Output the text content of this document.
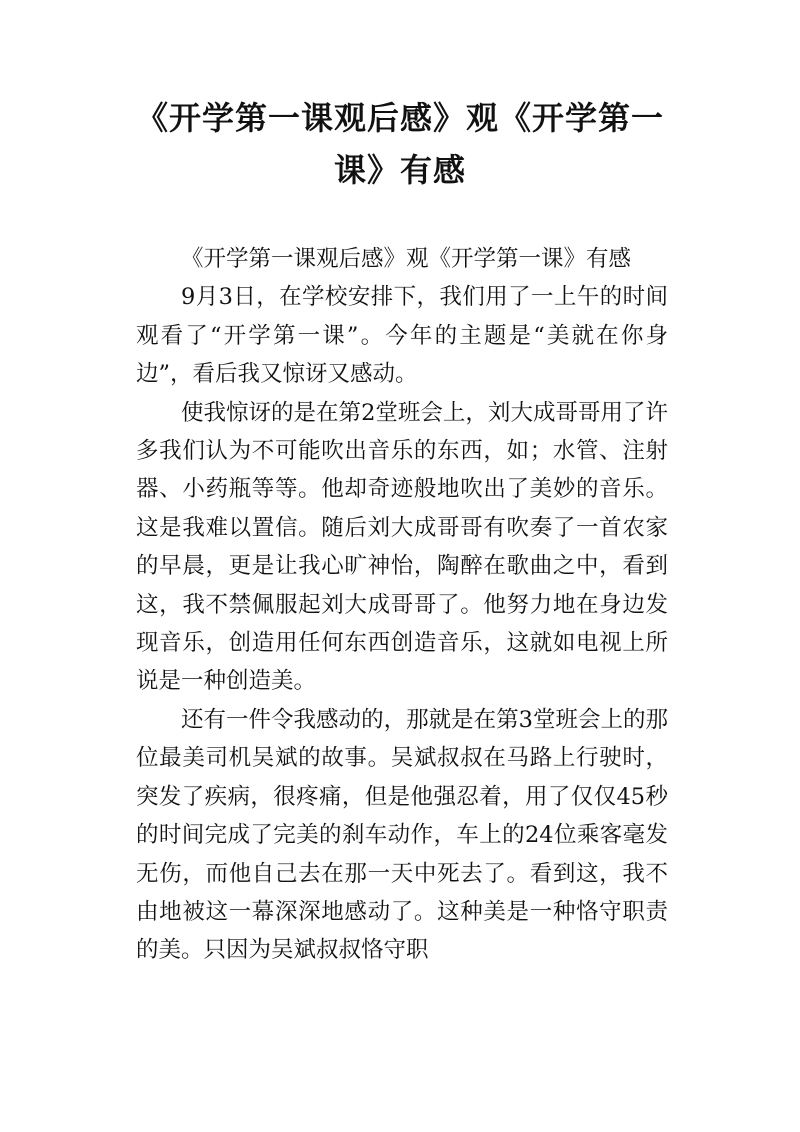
《开学第一课观后感》观《开学第一课》有感

《开学第一课观后感》观《开学第一课》有感

9月3日，在学校安排下，我们用了一上午的时间观看了“开学第一课”。今年的主题是“美就在你身边”，看后我又惊讶又感动。

使我惊讶的是在第2堂班会上，刘大成哥哥用了许多我们认为不可能吹出音乐的东西，如；水管、注射器、小药瓶等等。他却奇迹般地吹出了美妙的音乐。这是我难以置信。随后刘大成哥哥有吹奏了一首农家的早晨，更是让我心旷神怡，陶醉在歌曲之中，看到这，我不禁佩服起刘大成哥哥了。他努力地在身边发现音乐，创造用任何东西创造音乐，这就如电视上所说是一种创造美。

还有一件令我感动的，那就是在第3堂班会上的那位最美司机吴斌的故事。吴斌叔叔在马路上行驶时，突发了疾病，很疼痛，但是他强忍着，用了仅仅45秒的时间完成了完美的刹车动作，车上的24位乘客毫发无伤，而他自己去在那一天中死去了。看到这，我不由地被这一幕深深地感动了。这种美是一种恪守职责的美。只因为吴斌叔叔恪守职
